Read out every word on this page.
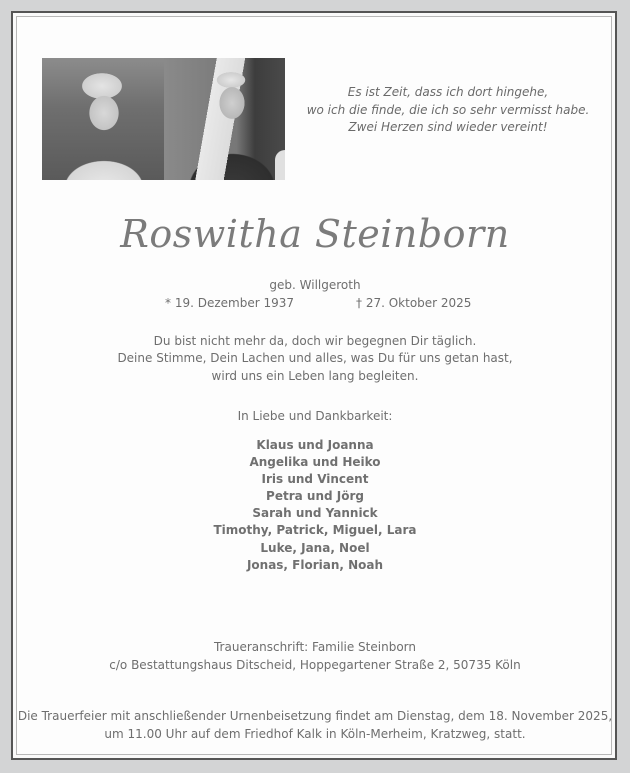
Es ist Zeit, dass ich dort hingehe,
wo ich die finde, die ich so sehr vermisst habe.
Zwei Herzen sind wieder vereint!
Roswitha Steinborn
geb. Willgeroth
* 19. Dezember 1937	† 27. Oktober 2025
Du bist nicht mehr da, doch wir begegnen Dir täglich.
Deine Stimme, Dein Lachen und alles, was Du für uns getan hast,
wird uns ein Leben lang begleiten.
In Liebe und Dankbarkeit:
Klaus und Joanna
Angelika und Heiko
Iris und Vincent
Petra und Jörg
Sarah und Yannick
Timothy, Patrick, Miguel, Lara
Luke, Jana, Noel
Jonas, Florian, Noah
Traueranschrift: Familie Steinborn
c/o Bestattungshaus Ditscheid, Hoppegartener Straße 2, 50735 Köln
Die Trauerfeier mit anschließender Urnenbeisetzung findet am Dienstag, dem 18. November 2025,
um 11.00 Uhr auf dem Friedhof Kalk in Köln-Merheim, Kratzweg, statt.
